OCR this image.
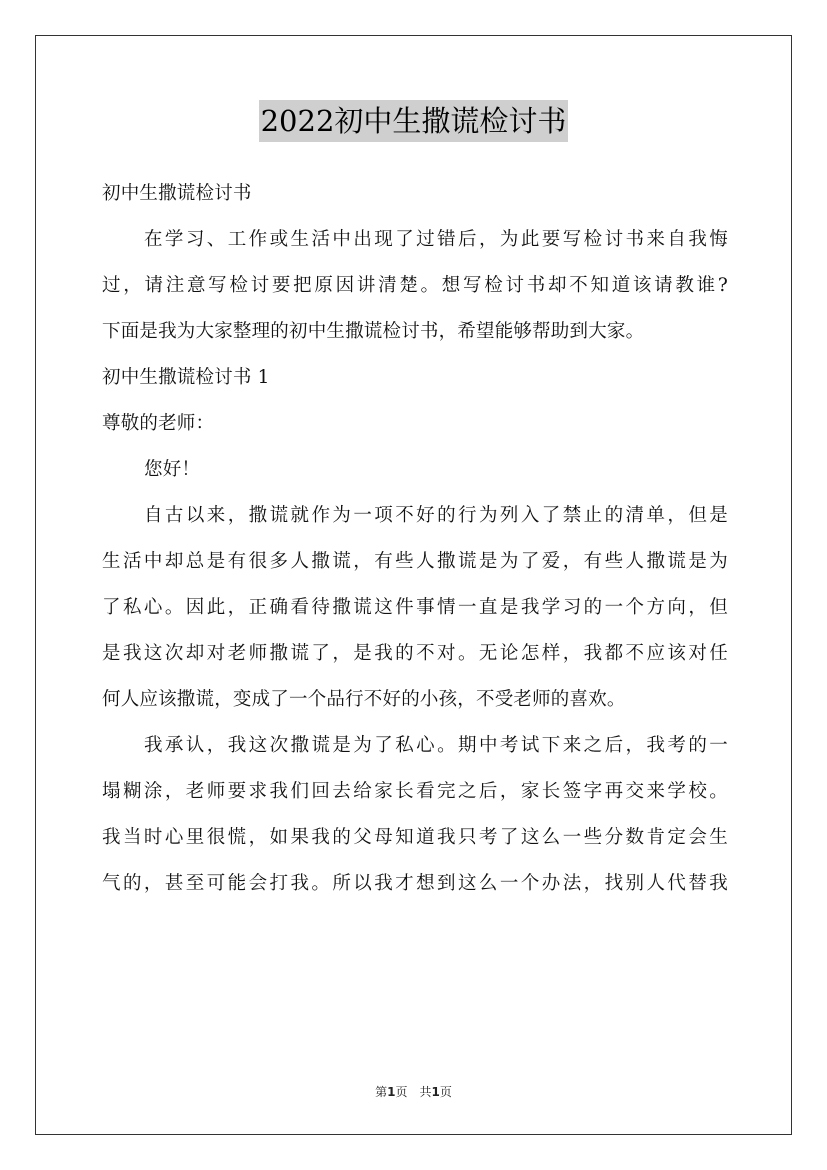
2022初中生撒谎检讨书
初中生撒谎检讨书
在学习、工作或生活中出现了过错后，为此要写检讨书来自我悔
过，请注意写检讨要把原因讲清楚。想写检讨书却不知道该请教谁?
下面是我为大家整理的初中生撒谎检讨书，希望能够帮助到大家。
初中生撒谎检讨书 1
尊敬的老师：
您好！
自古以来，撒谎就作为一项不好的行为列入了禁止的清单，但是
生活中却总是有很多人撒谎，有些人撒谎是为了爱，有些人撒谎是为
了私心。因此，正确看待撒谎这件事情一直是我学习的一个方向，但
是我这次却对老师撒谎了，是我的不对。无论怎样，我都不应该对任
何人应该撒谎，变成了一个品行不好的小孩，不受老师的喜欢。
我承认，我这次撒谎是为了私心。期中考试下来之后，我考的一
塌糊涂，老师要求我们回去给家长看完之后，家长签字再交来学校。
我当时心里很慌，如果我的父母知道我只考了这么一些分数肯定会生
气的，甚至可能会打我。所以我才想到这么一个办法，找别人代替我
第1页　共1页
